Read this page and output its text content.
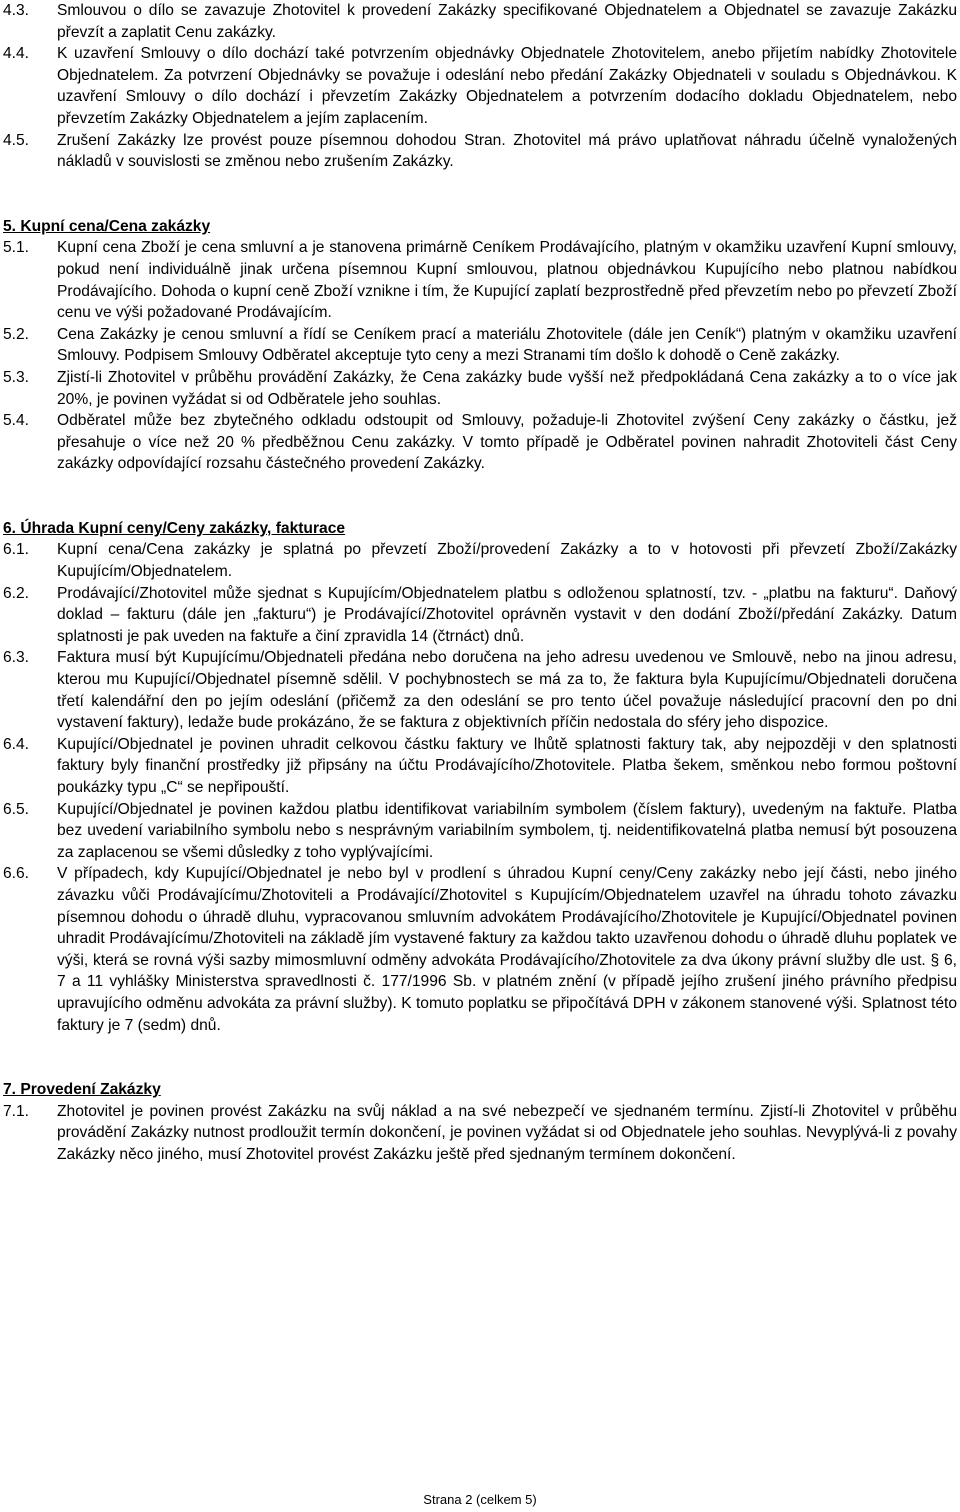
4.3.	Smlouvou o dílo se zavazuje Zhotovitel k provedení Zakázky specifikované Objednatelem a Objednatel se zavazuje Zakázku převzít a zaplatit Cenu zakázky.
4.4.	K uzavření Smlouvy o dílo dochází také potvrzením objednávky Objednatele Zhotovitelem, anebo přijetím nabídky Zhotovitele Objednatelem. Za potvrzení Objednávky se považuje i odeslání nebo předání Zakázky Objednateli v souladu s Objednávkou. K uzavření Smlouvy o dílo dochází i převzetím Zakázky Objednatelem a potvrzením dodacího dokladu Objednatelem, nebo převzetím Zakázky Objednatelem a jejím zaplacením.
4.5.	Zrušení Zakázky lze provést pouze písemnou dohodou Stran. Zhotovitel má právo uplatňovat náhradu účelně vynaložených nákladů v souvislosti se změnou nebo zrušením Zakázky.
5. Kupní cena/Cena zakázky
5.1.	Kupní cena Zboží je cena smluvní a je stanovena primárně Ceníkem Prodávajícího, platným v okamžiku uzavření Kupní smlouvy, pokud není individuálně jinak určena písemnou Kupní smlouvou, platnou objednávkou Kupujícího nebo platnou nabídkou Prodávajícího. Dohoda o kupní ceně Zboží vznikne i tím, že Kupující zaplatí bezprostředně před převzetím nebo po převzetí Zboží cenu ve výši požadované Prodávajícím.
5.2.	Cena Zakázky je cenou smluvní a řídí se Ceníkem prací a materiálu Zhotovitele (dále jen Ceník“) platným v okamžiku uzavření Smlouvy. Podpisem Smlouvy Odběratel akceptuje tyto ceny a mezi Stranami tím došlo k dohodě o Ceně zakázky.
5.3.	Zjistí-li Zhotovitel v průběhu provádění Zakázky, že Cena zakázky bude vyšší než předpokládaná Cena zakázky a to o více jak 20%, je povinen vyžádat si od Odběratele jeho souhlas.
5.4.	Odběratel může bez zbytečného odkladu odstoupit od Smlouvy, požaduje-li Zhotovitel zvýšení Ceny zakázky o částku, jež přesahuje o více než 20 % předběžnou Cenu zakázky. V tomto případě je Odběratel povinen nahradit Zhotoviteli část Ceny zakázky odpovídající rozsahu částečného provedení Zakázky.
6. Úhrada Kupní ceny/Ceny zakázky, fakturace
6.1.	Kupní cena/Cena zakázky je splatná po převzetí Zboží/provedení Zakázky a to v hotovosti při převzetí Zboží/Zakázky Kupujícím/Objednatelem.
6.2.	Prodávající/Zhotovitel může sjednat s Kupujícím/Objednatelem platbu s odloženou splatností, tzv. - „platbu na fakturu“. Daňový doklad – fakturu (dále jen „fakturu“) je Prodávající/Zhotovitel oprávněn vystavit v den dodání Zboží/předání Zakázky. Datum splatnosti je pak uveden na faktuře a činí zpravidla 14 (čtrnáct) dnů.
6.3.	Faktura musí být Kupujícímu/Objednateli předána nebo doručena na jeho adresu uvedenou ve Smlouvě, nebo na jinou adresu, kterou mu Kupující/Objednatel písemně sdělil. V pochybnostech se má za to, že faktura byla Kupujícímu/Objednateli doručena třetí kalendářní den po jejím odeslání (přičemž za den odeslání se pro tento účel považuje následující pracovní den po dni vystavení faktury), ledaže bude prokázáno, že se faktura z objektivních příčin nedostala do sféry jeho dispozice.
6.4.	Kupující/Objednatel je povinen uhradit celkovou částku faktury ve lhůtě splatnosti faktury tak, aby nejpozději v den splatnosti faktury byly finanční prostředky již připsány na účtu Prodávajícího/Zhotovitele. Platba šekem, směnkou nebo formou poštovní poukázky typu „C“ se nepřipouští.
6.5.	Kupující/Objednatel je povinen každou platbu identifikovat variabilním symbolem (číslem faktury), uvedeným na faktuře. Platba bez uvedení variabilního symbolu nebo s nesprávným variabilním symbolem, tj. neidentifikovatelná platba nemusí být posouzena za zaplacenou se všemi důsledky z toho vyplývajícími.
6.6.	V případech, kdy Kupující/Objednatel je nebo byl v prodlení s úhradou Kupní ceny/Ceny zakázky nebo její části, nebo jiného závazku vůči Prodávajícímu/Zhotoviteli a Prodávající/Zhotovitel s Kupujícím/Objednatelem uzavřel na úhradu tohoto závazku písemnou dohodu o úhradě dluhu, vypracovanou smluvním advokátem Prodávajícího/Zhotovitele je Kupující/Objednatel povinen uhradit Prodávajícímu/Zhotoviteli na základě jím vystavené faktury za každou takto uzavřenou dohodu o úhradě dluhu poplatek ve výši, která se rovná výši sazby mimosmluvní odměny advokáta Prodávajícího/Zhotovitele za dva úkony právní služby dle ust. § 6, 7 a 11 vyhlášky Ministerstva spravedlnosti č. 177/1996 Sb. v platném znění (v případě jejího zrušení jiného právního předpisu upravujícího odměnu advokáta za právní služby). K tomuto poplatku se připočítává DPH v zákonem stanovené výši. Splatnost této faktury je 7 (sedm) dnů.
7. Provedení Zakázky
7.1.	Zhotovitel je povinen provést Zakázku na svůj náklad a na své nebezpečí ve sjednaném termínu. Zjistí-li Zhotovitel v průběhu provádění Zakázky nutnost prodloužit termín dokončení, je povinen vyžádat si od Objednatele jeho souhlas. Nevyplývá-li z povahy Zakázky něco jiného, musí Zhotovitel provést Zakázku ještě před sjednaným termínem dokončení.
Strana 2 (celkem 5)
